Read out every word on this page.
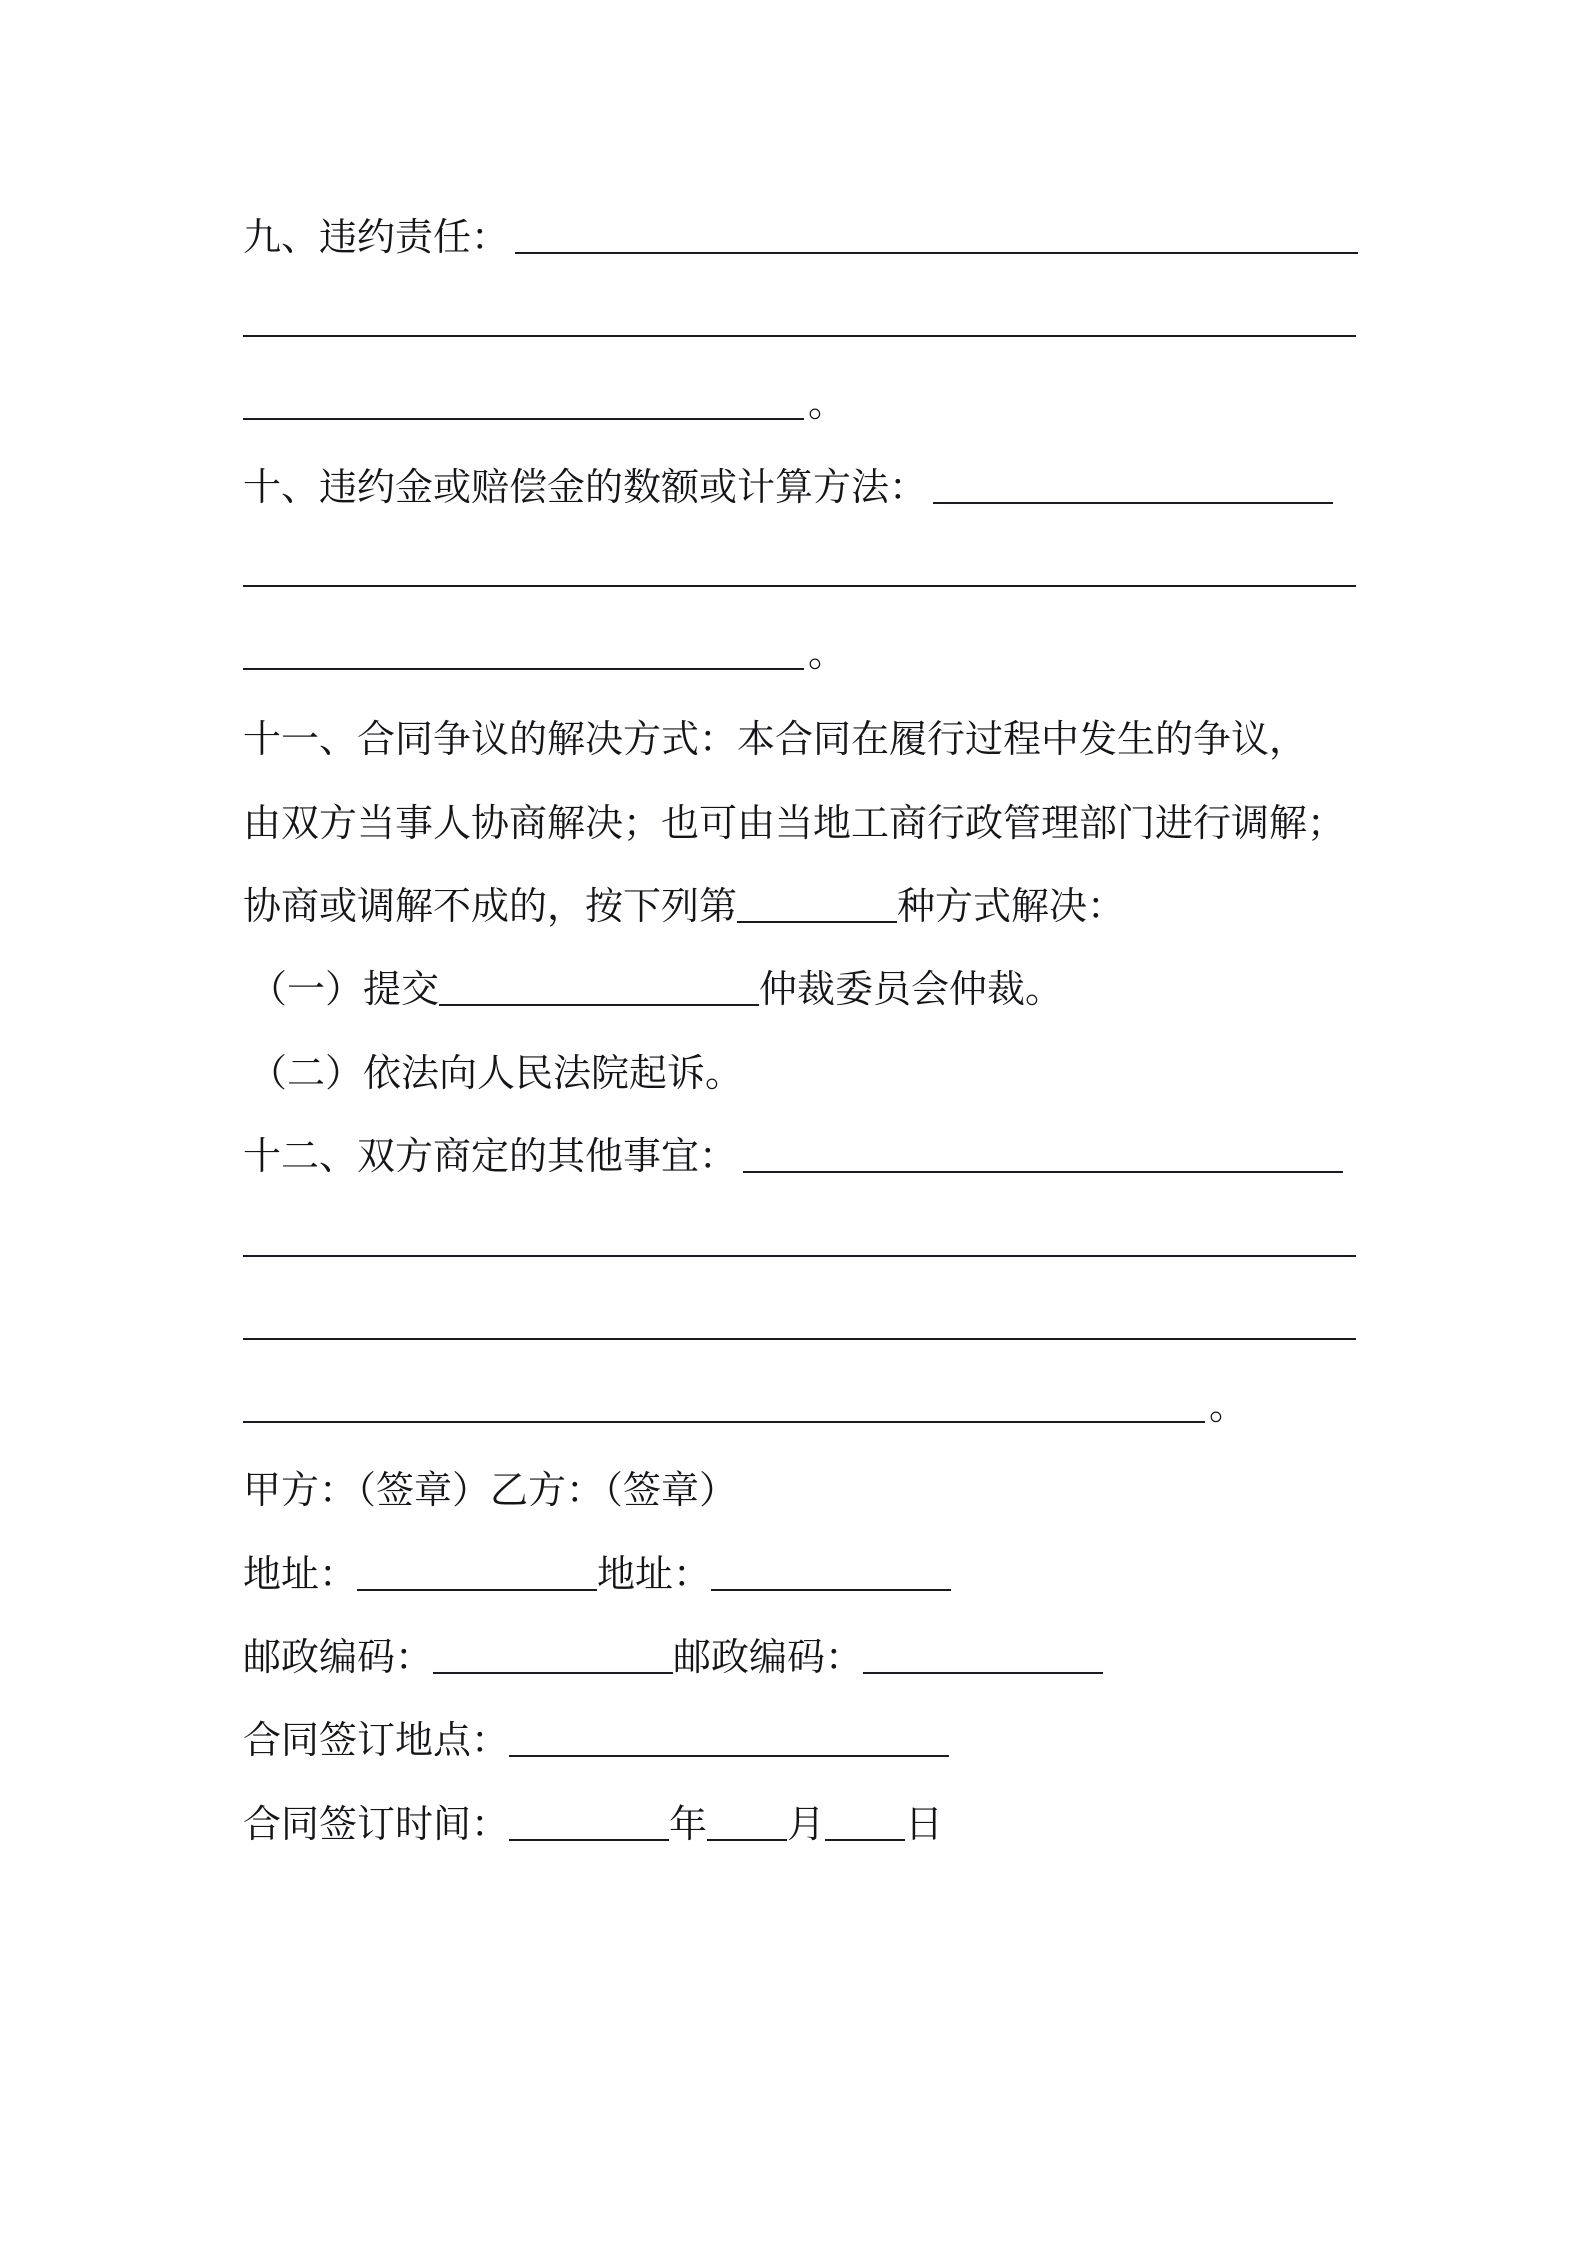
九、违约责任：
。
十、违约金或赔偿金的数额或计算方法：
。
十一、合同争议的解决方式：本合同在履行过程中发生的争议，
由双方当事人协商解决；也可由当地工商行政管理部门进行调解；
协商或调解不成的，按下列第	种方式解决：
（一）提交	仲裁委员会仲裁。
（二）依法向人民法院起诉。
十二、双方商定的其他事宜：
。
甲方：（签章）乙方：（签章）
地址：	地址：
邮政编码：	邮政编码：
合同签订地点：
合同签订时间：	年 月 日
